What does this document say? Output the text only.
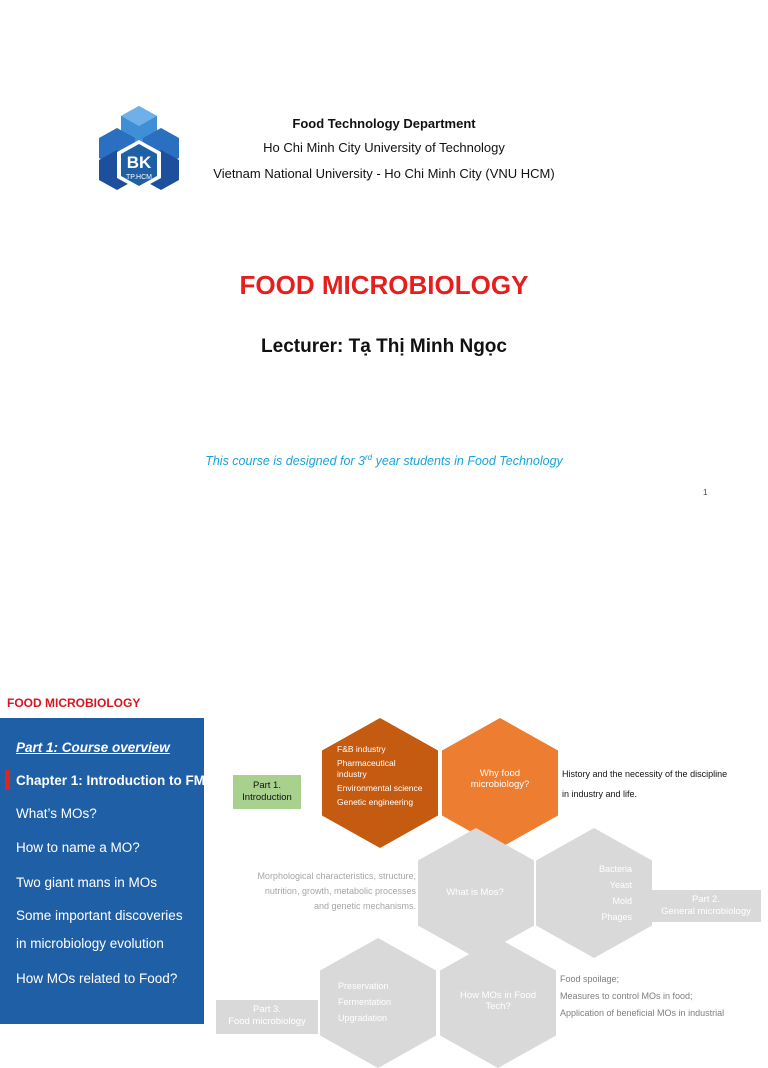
BK
TP.HCM
Food Technology Department
Ho Chi Minh City University of Technology
Vietnam National University - Ho Chi Minh City (VNU HCM)
FOOD MICROBIOLOGY
Lecturer: Tạ Thị Minh Ngọc
This course is designed for 3rd year students in Food Technology
1
FOOD MICROBIOLOGY
Part 1: Course overview
Chapter 1: Introduction to FM
What’s MOs?
How to name a MO?
Two giant mans in MOs
Some important discoveries
in microbiology evolution
How MOs related to Food?
Part 1.
Introduction
F&B industry
Pharmaceutical industry
Environmental science
Genetic engineering
Why food microbiology?
History and the necessity of the discipline
in industry and life.
What is Mos?
Morphological characteristics, structure,
nutrition, growth, metabolic processes
and genetic mechanisms.
Bacteria
Yeast
Mold
Phages
Part 2.
General microbiology
Preservation
Fermentation
Upgradation
How MOs in Food Tech?
Food spoilage;
Measures to control MOs in food;
Application of beneficial MOs in industrial
Part 3.
Food microbiology
